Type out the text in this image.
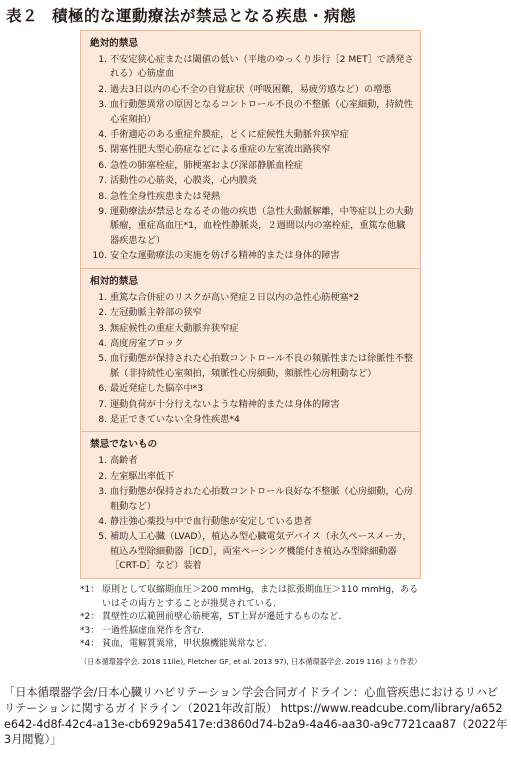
表２ 積極的な運動療法が禁忌となる疾患・病態
絶対的禁忌
1. 不安定狭心症または閾値の低い（平地のゆっくり歩行［2 MET］で誘発される）心筋虚血
2. 過去3日以内の心不全の自覚症状（呼吸困難，易疲労感など）の増悪
3. 血行動態異常の原因となるコントロール不良の不整脈（心室細動，持続性心室頻拍）
4. 手術適応のある重症弁膜症，とくに症候性大動脈弁狭窄症
5. 閉塞性肥大型心筋症などによる重症の左室流出路狭窄
6. 急性の肺塞栓症，肺梗塞および深部静脈血栓症
7. 活動性の心筋炎，心膜炎，心内膜炎
8. 急性全身性疾患または発熱
9. 運動療法が禁忌となるその他の疾患（急性大動脈解離，中等症以上の大動脈瘤，重症高血圧*1，血栓性静脈炎，２週間以内の塞栓症，重篤な他臓器疾患など）
10. 安全な運動療法の実施を妨げる精神的または身体的障害
相対的禁忌
1. 重篤な合併症のリスクが高い発症２日以内の急性心筋梗塞*2
2. 左冠動脈主幹部の狭窄
3. 無症候性の重症大動脈弁狭窄症
4. 高度房室ブロック
5. 血行動態が保持された心拍数コントロール不良の頻脈性または徐脈性不整脈（非持続性心室頻拍，頻脈性心房細動，頻脈性心房粗動など）
6. 最近発症した脳卒中*3
7. 運動負荷が十分行えないような精神的または身体的障害
8. 是正できていない全身性疾患*4
禁忌でないもの
1. 高齢者
2. 左室駆出率低下
3. 血行動態が保持された心拍数コントロール良好な不整脈（心房細動，心房粗動など）
4. 静注強心薬投与中で血行動態が安定している患者
5. 補助人工心臓（LVAD），植込み型心臓電気デバイス（永久ペースメーカ，植込み型除細動器［ICD］，両室ペーシング機能付き植込み型除細動器［CRT-D］など）装着
*1： 原則として収縮期血圧＞200 mmHg，または拡張期血圧＞110 mmHg，あるいはその両方とすることが推奨されている.
*2： 貫壁性の広範囲前壁心筋梗塞，ST上昇が遷延するものなど.
*3： 一過性脳虚血発作を含む.
*4： 貧血，電解質異常，甲状腺機能異常など.
（日本循環器学会. 2018 11lle), Fletcher GF, et al. 2013 97), 日本循環器学会. 2019 116) より作表）
「日本循環器学会/日本心臓リハビリテーション学会合同ガイドライン：心血管疾患におけるリハビリテーションに関するガイドライン（2021年改訂版） https://www.readcube.com/library/a652e642-4d8f-42c4-a13e-cb6929a5417e:d3860d74-b2a9-4a46-aa30-a9c7721caa87（2022年3月閲覧）」
